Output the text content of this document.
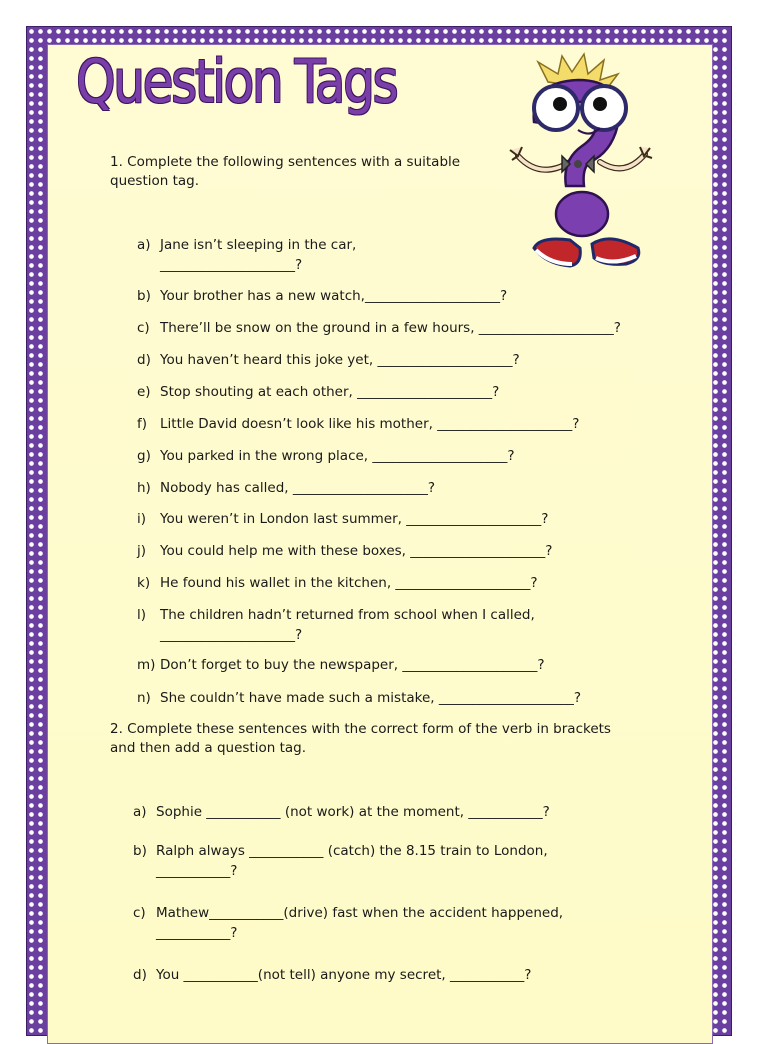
Question Tags

1. Complete the following sentences with a suitable
question tag.

a) Jane isn’t sleeping in the car,
____________________?
b) Your brother has a new watch,____________________?
c) There’ll be snow on the ground in a few hours, ____________________?
d) You haven’t heard this joke yet, ____________________?
e) Stop shouting at each other, ____________________?
f) Little David doesn’t look like his mother, ____________________?
g) You parked in the wrong place, ____________________?
h) Nobody has called, ____________________?
i)	You weren’t in London last summer, ____________________?
j)	You could help me with these boxes, ____________________?
k) He found his wallet in the kitchen, ____________________?
l)	The children hadn’t returned from school when I called,
____________________?
m) Don’t forget to buy the newspaper, ____________________?
n) She couldn’t have made such a mistake, ____________________?

2. Complete these sentences with the correct form of the verb in brackets
and then add a question tag.

a) Sophie ___________ (not work) at the moment, ___________?
b) Ralph always ___________ (catch) the 8.15 train to London,
___________?
c) Mathew___________(drive) fast when the accident happened,
___________?
d) You ___________(not tell) anyone my secret, ___________?
